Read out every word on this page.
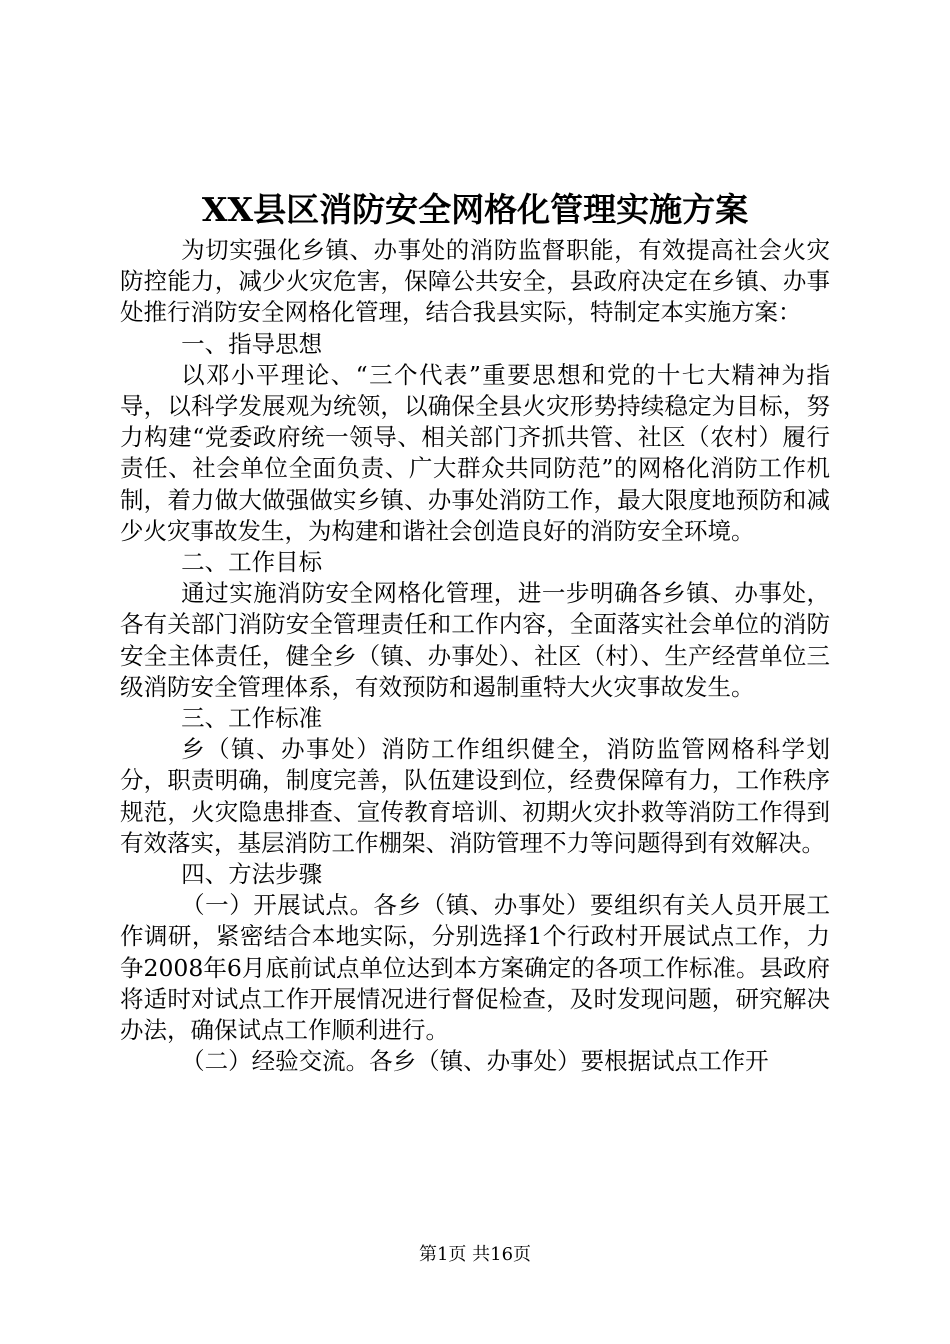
XX县区消防安全网格化管理实施方案

为切实强化乡镇、办事处的消防监督职能，有效提高社会火灾防控能力，减少火灾危害，保障公共安全，县政府决定在乡镇、办事处推行消防安全网格化管理，结合我县实际，特制定本实施方案：

一、指导思想

以邓小平理论、“三个代表”重要思想和党的十七大精神为指导，以科学发展观为统领，以确保全县火灾形势持续稳定为目标，努力构建“党委政府统一领导、相关部门齐抓共管、社区（农村）履行责任、社会单位全面负责、广大群众共同防范”的网格化消防工作机制，着力做大做强做实乡镇、办事处消防工作，最大限度地预防和减少火灾事故发生，为构建和谐社会创造良好的消防安全环境。

二、工作目标

通过实施消防安全网格化管理，进一步明确各乡镇、办事处，各有关部门消防安全管理责任和工作内容，全面落实社会单位的消防安全主体责任，健全乡（镇、办事处）、社区（村）、生产经营单位三级消防安全管理体系，有效预防和遏制重特大火灾事故发生。

三、工作标准

乡（镇、办事处）消防工作组织健全，消防监管网格科学划分，职责明确，制度完善，队伍建设到位，经费保障有力，工作秩序规范，火灾隐患排查、宣传教育培训、初期火灾扑救等消防工作得到有效落实，基层消防工作棚架、消防管理不力等问题得到有效解决。

四、方法步骤

（一）开展试点。各乡（镇、办事处）要组织有关人员开展工作调研，紧密结合本地实际，分别选择1个行政村开展试点工作，力争2008年6月底前试点单位达到本方案确定的各项工作标准。县政府将适时对试点工作开展情况进行督促检查，及时发现问题，研究解决办法，确保试点工作顺利进行。

（二）经验交流。各乡（镇、办事处）要根据试点工作开

第1页 共16页
